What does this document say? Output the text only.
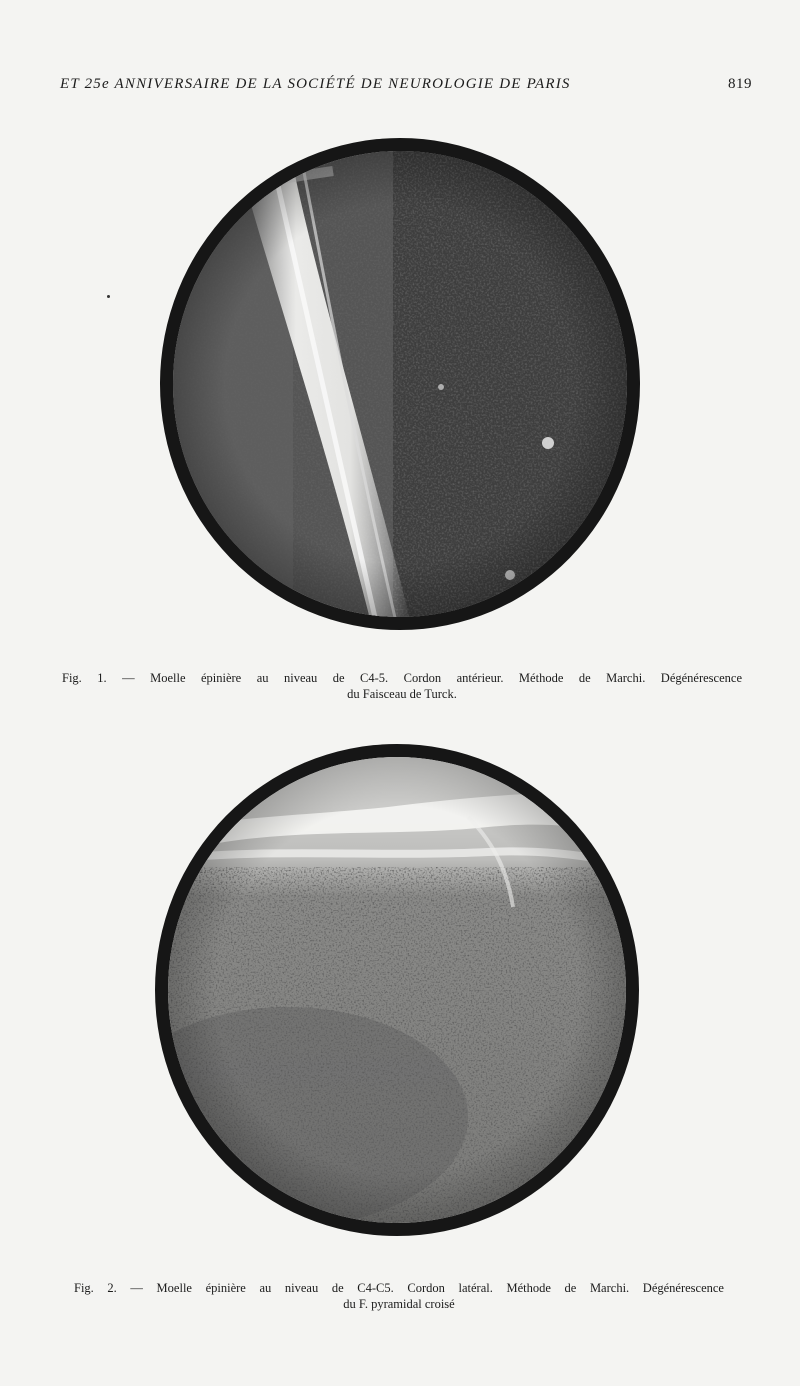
ET 25e ANNIVERSAIRE DE LA SOCIÉTÉ DE NEUROLOGIE DE PARIS	819
Fig. 1. — Moelle épinière au niveau de C4-5. Cordon antérieur. Méthode de Marchi. Dégénérescence
du Faisceau de Turck.
Fig. 2. — Moelle épinière au niveau de C4-C5. Cordon latéral. Méthode de Marchi. Dégénérescence
du F. pyramidal croisé
